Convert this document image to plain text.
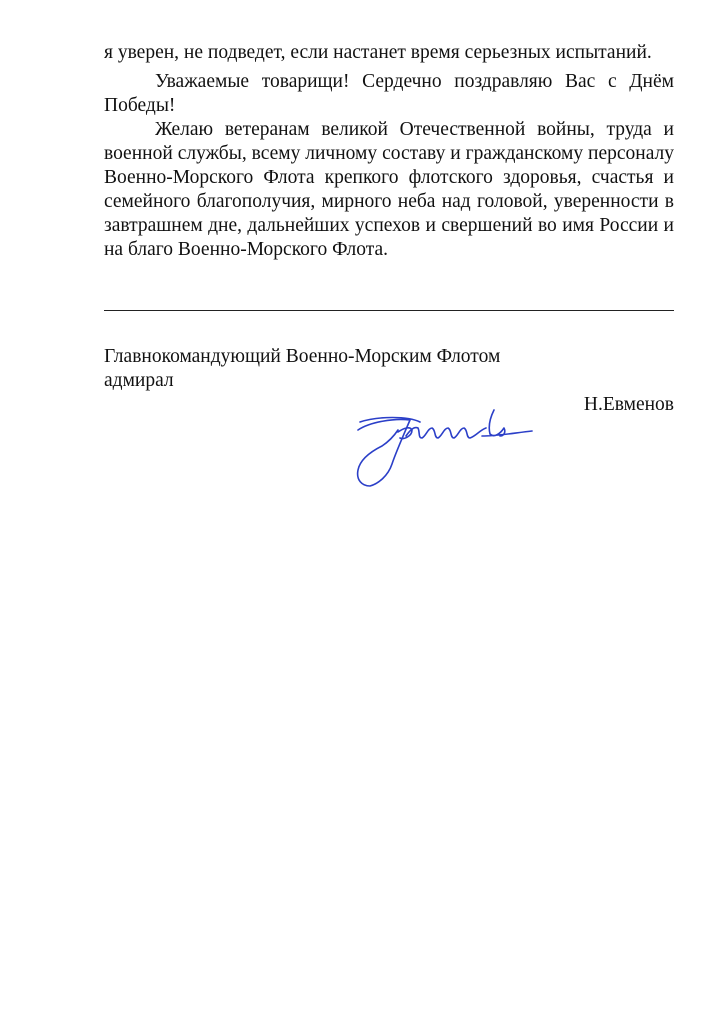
я уверен, не подведет, если настанет время серьезных испытаний.

Уважаемые товарищи! Сердечно поздравляю Вас с Днём Победы!

Желаю ветеранам великой Отечественной войны, труда и военной службы, всему личному составу и гражданскому персоналу Военно-Морского Флота крепкого флотского здоровья, счастья и семейного благополучия, мирного неба над головой, уверенности в завтрашнем дне, дальнейших успехов и свершений во имя России и на благо Военно-Морского Флота.

Главнокомандующий Военно-Морским Флотом
адмирал
Н.Евменов
